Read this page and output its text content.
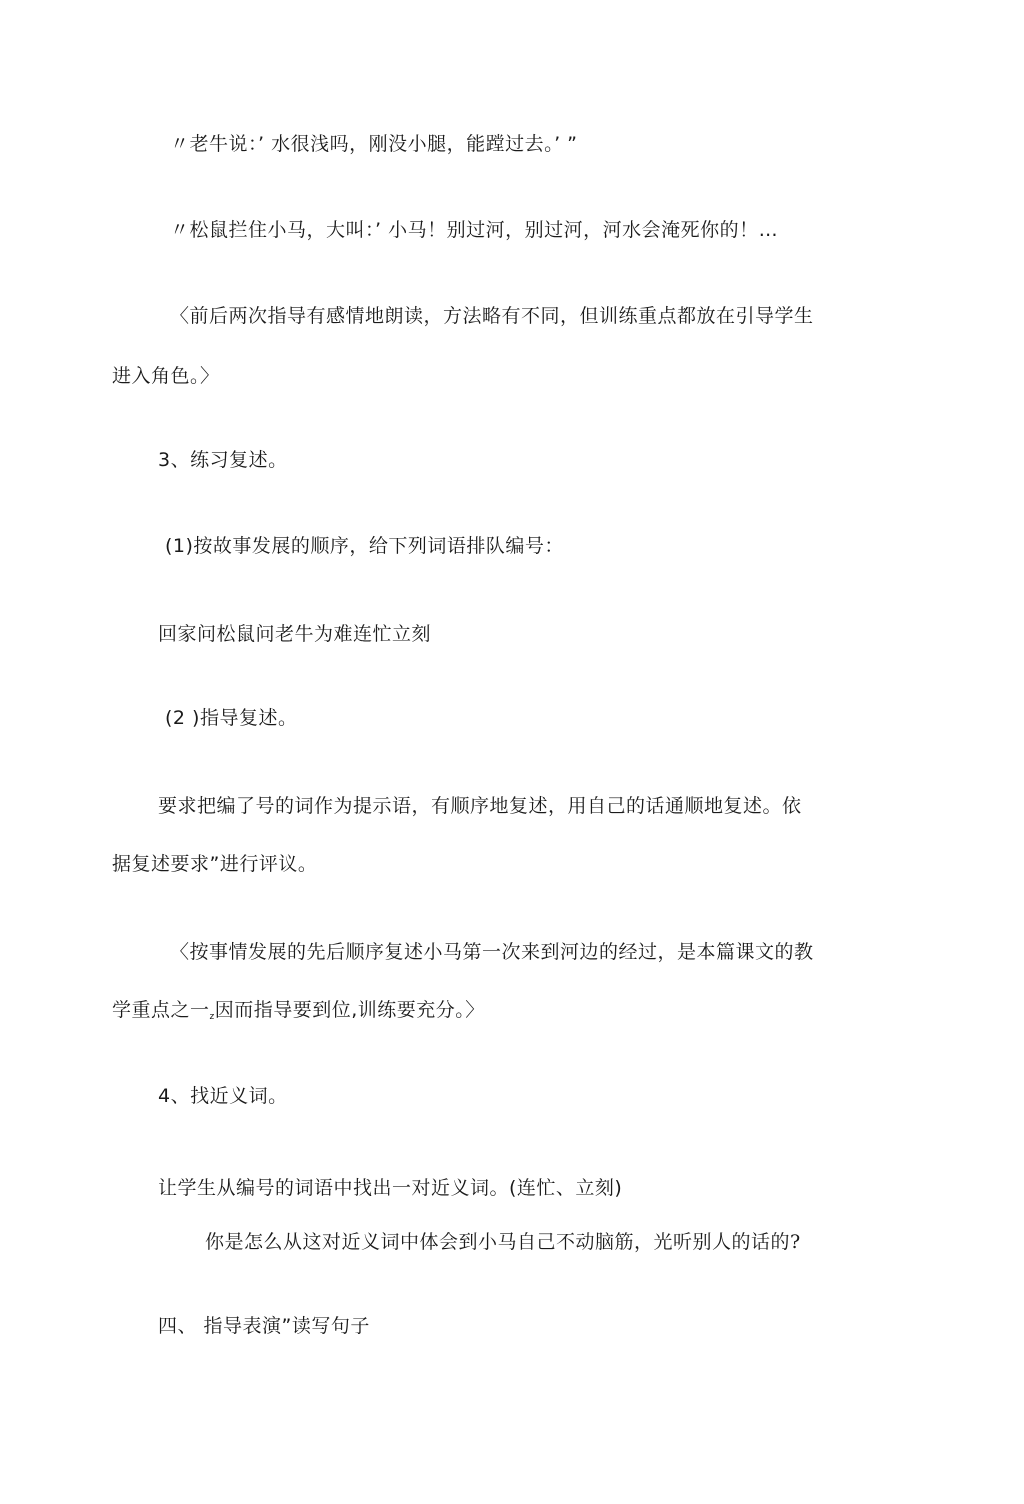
〃老牛说：’ 水很浅吗，刚没小腿，能蹚过去。’ ”
〃松鼠拦住小马，大叫：’ 小马！别过河，别过河，河水会淹死你的！…
〈前后两次指导有感情地朗读，方法略有不同，但训练重点都放在引导学生
进入角色。〉
3、练习复述。
(1)按故事发展的顺序，给下列词语排队编号：
回家问松鼠问老牛为难连忙立刻
(2 )指导复述。
要求把编了号的词作为提示语，有顺序地复述，用自己的话通顺地复述。依
据复述要求”进行评议。
〈按事情发展的先后顺序复述小马第一次来到河边的经过，是本篇课文的教
学重点之一$_z$因而指导要到位,训练要充分。〉
4、找近义词。
让学生从编号的词语中找出一对近义词。(连忙、立刻)
你是怎么从这对近义词中体会到小马自己不动脑筋，光听别人的话的?
四、 指导表演”读写句子
